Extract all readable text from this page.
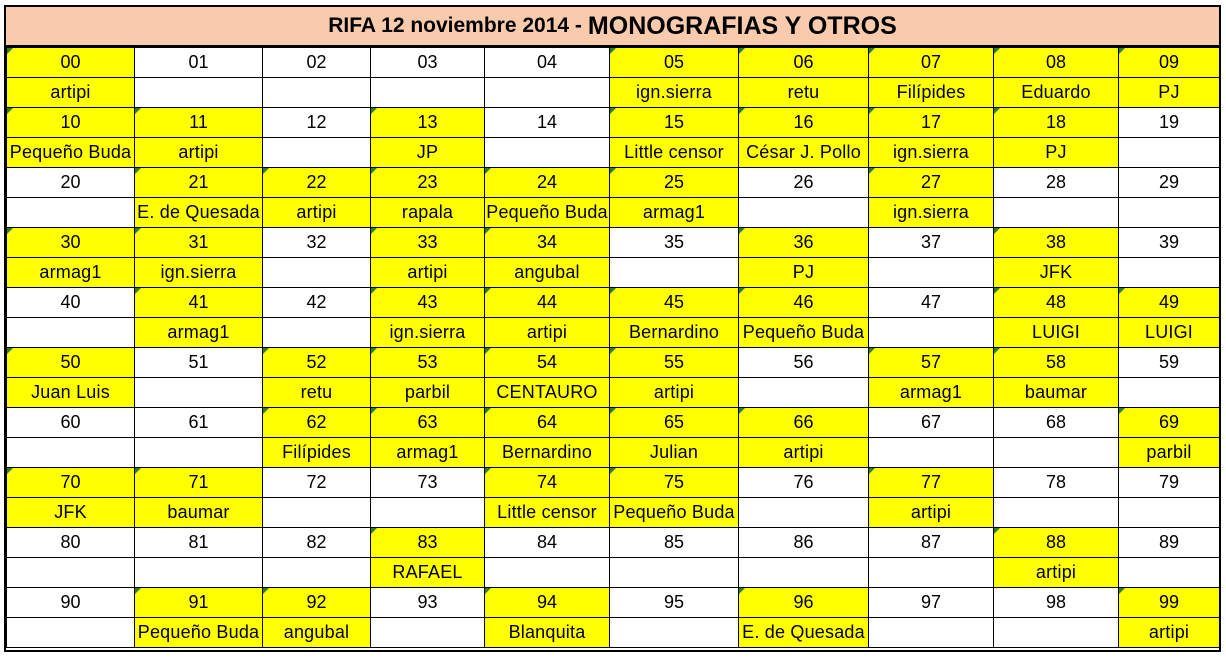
RIFA 12 noviembre 2014 - MONOGRAFIAS Y OTROS
00	01	02	03	04	05	06	07	08	09
artipi					ign.sierra	retu	Filípides	Eduardo	PJ
10	11	12	13	14	15	16	17	18	19
Pequeño Buda	artipi		JP		Little censor	César J. Pollo	ign.sierra	PJ	
20	21	22	23	24	25	26	27	28	29
	E. de Quesada	artipi	rapala	Pequeño Buda	armag1		ign.sierra		
30	31	32	33	34	35	36	37	38	39
armag1	ign.sierra		artipi	angubal		PJ		JFK	
40	41	42	43	44	45	46	47	48	49
	armag1		ign.sierra	artipi	Bernardino	Pequeño Buda		LUIGI	LUIGI
50	51	52	53	54	55	56	57	58	59
Juan Luis		retu	parbil	CENTAURO	artipi		armag1	baumar	
60	61	62	63	64	65	66	67	68	69
		Filípides	armag1	Bernardino	Julian	artipi			parbil
70	71	72	73	74	75	76	77	78	79
JFK	baumar			Little censor	Pequeño Buda		artipi		
80	81	82	83	84	85	86	87	88	89
			RAFAEL					artipi	
90	91	92	93	94	95	96	97	98	99
	Pequeño Buda	angubal		Blanquita		E. de Quesada			artipi
